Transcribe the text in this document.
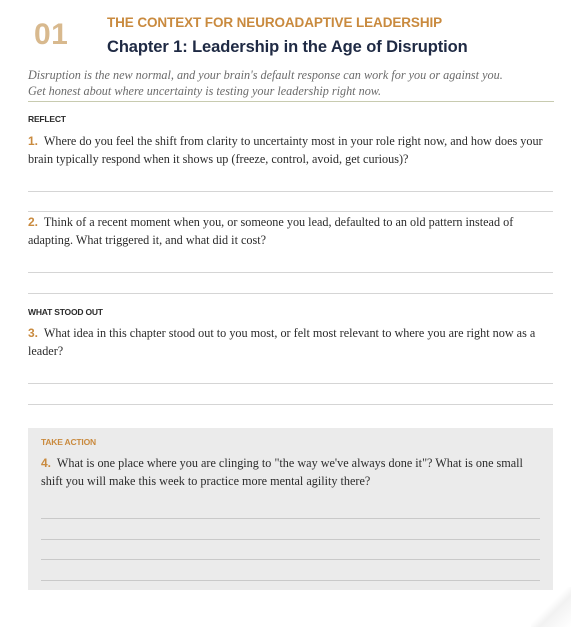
01	THE CONTEXT FOR NEUROADAPTIVE LEADERSHIP
Chapter 1: Leadership in the Age of Disruption
Disruption is the new normal, and your brain's default response can work for you or against you.
Get honest about where uncertainty is testing your leadership right now.
REFLECT
1. Where do you feel the shift from clarity to uncertainty most in your role right now, and how does your brain typically respond when it shows up (freeze, control, avoid, get curious)?
2. Think of a recent moment when you, or someone you lead, defaulted to an old pattern instead of adapting. What triggered it, and what did it cost?
WHAT STOOD OUT
3. What idea in this chapter stood out to you most, or felt most relevant to where you are right now as a leader?
TAKE ACTION
4. What is one place where you are clinging to "the way we've always done it"? What is one small shift you will make this week to practice more mental agility there?
